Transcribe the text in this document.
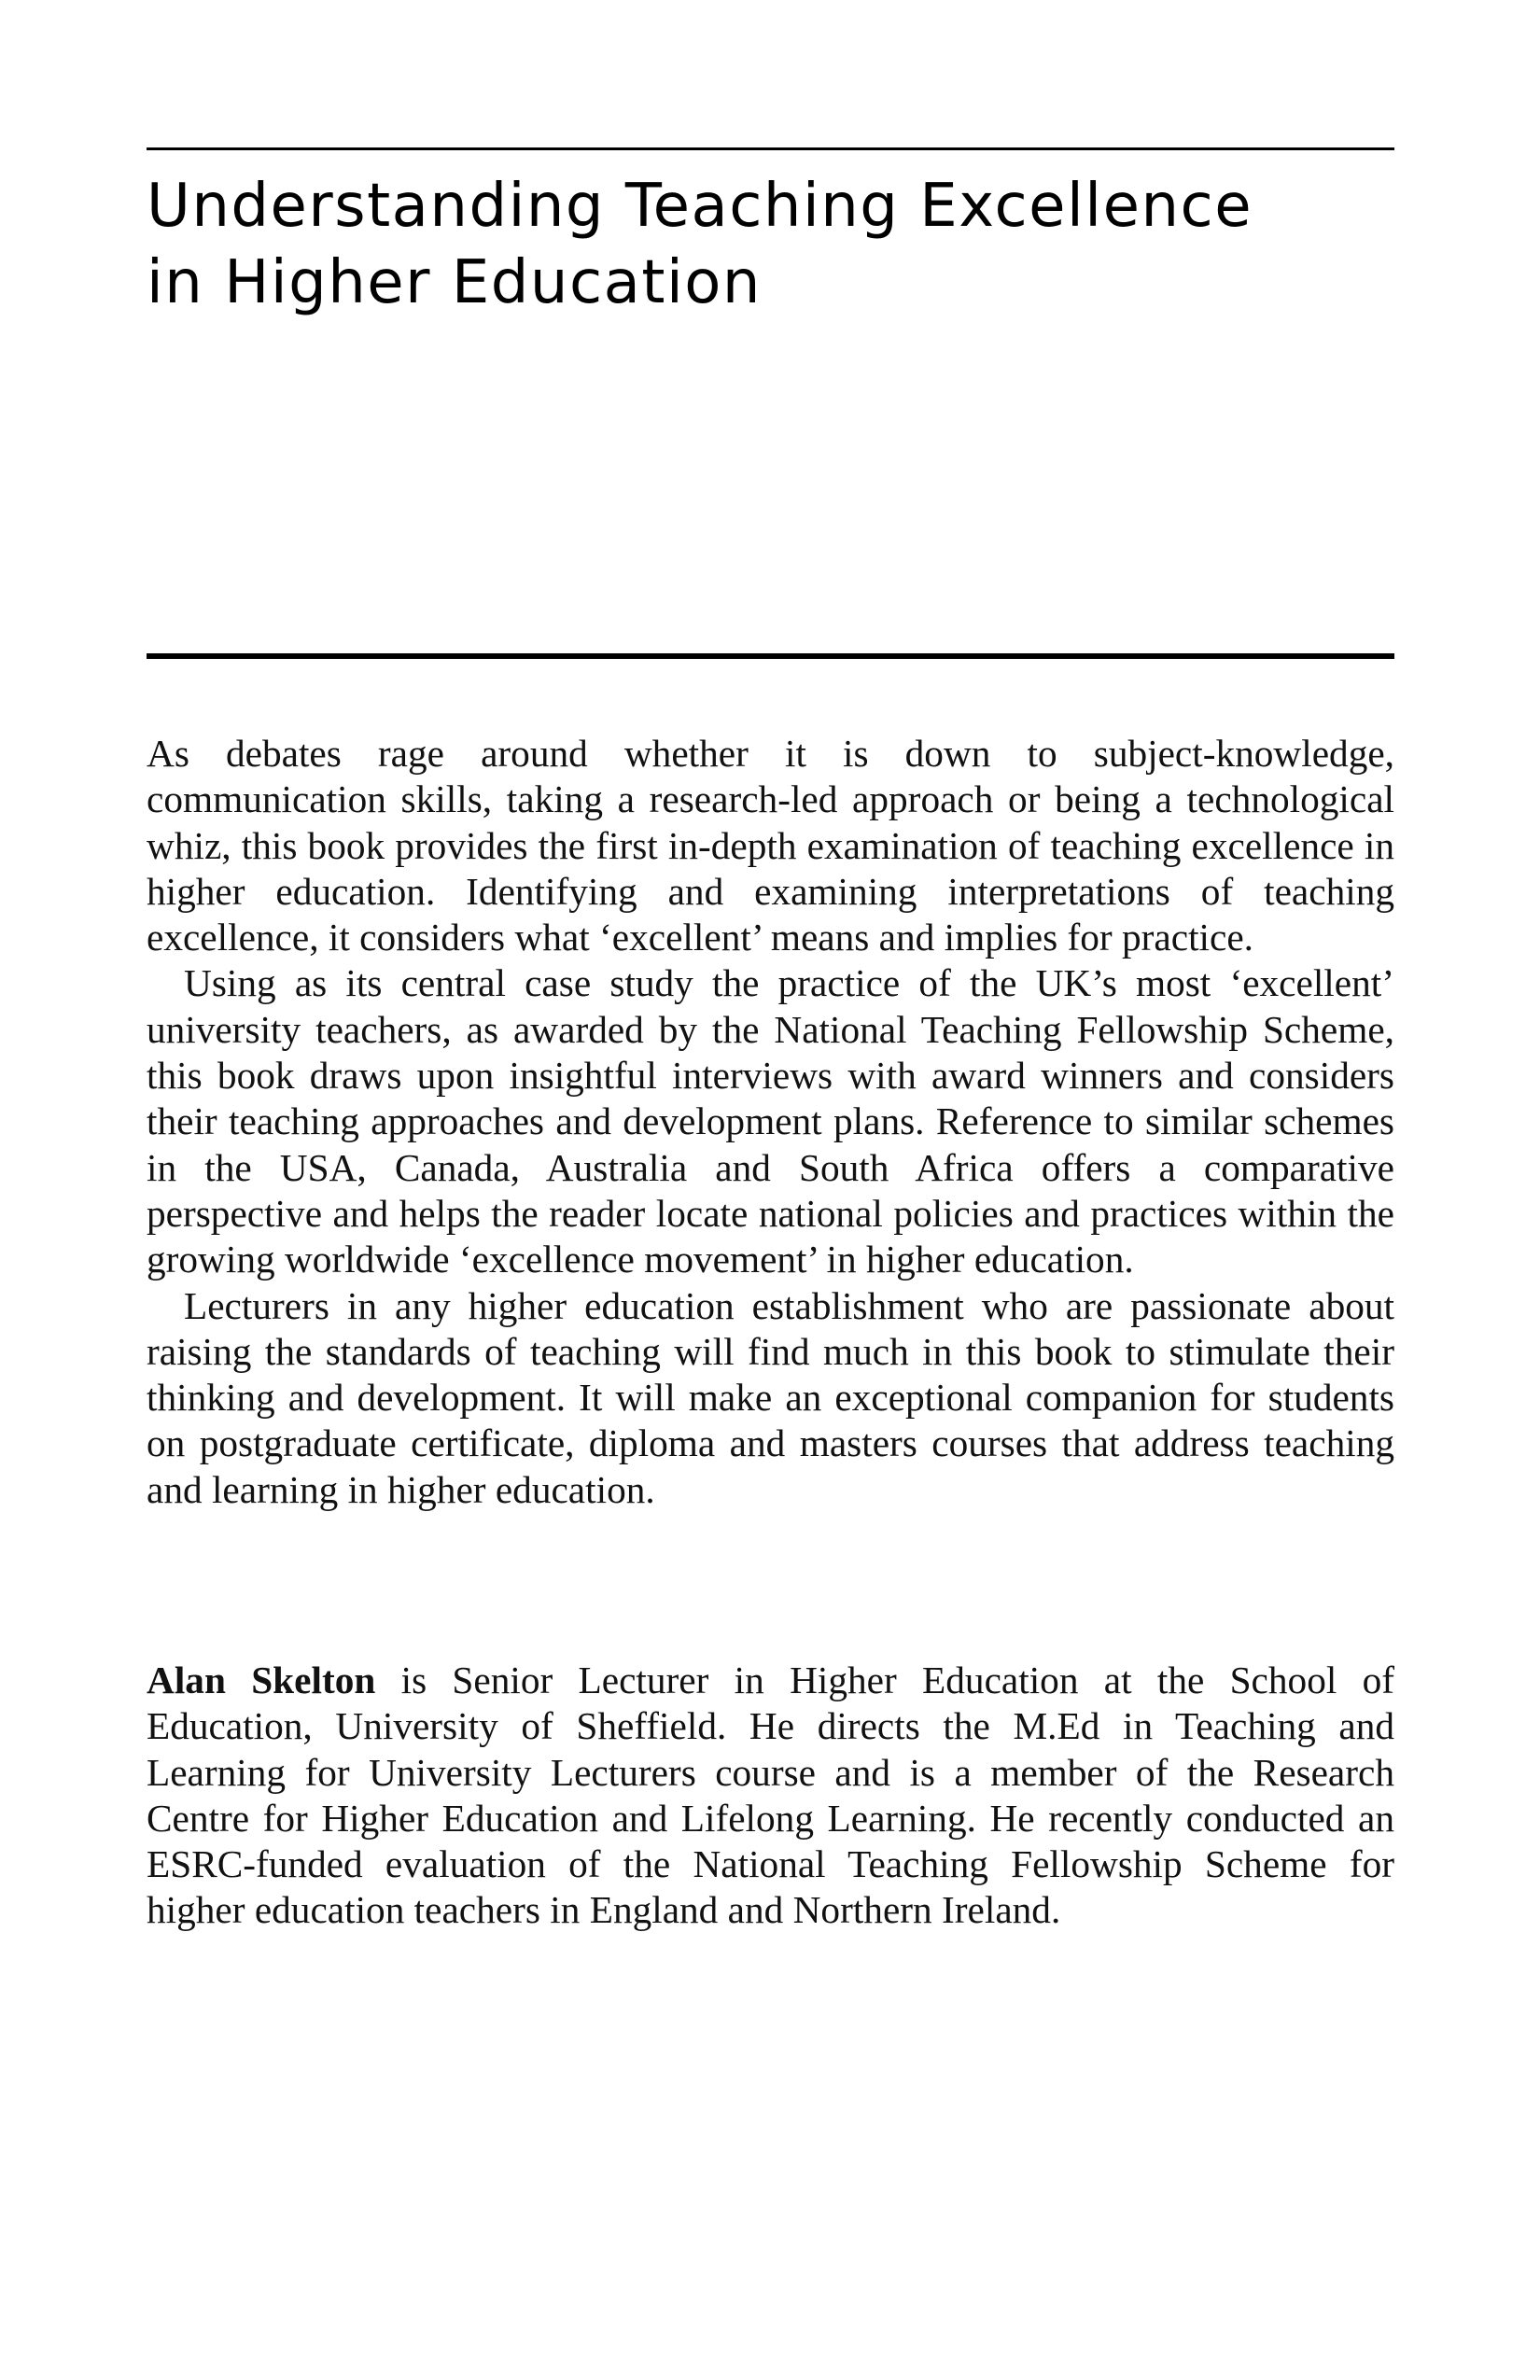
Understanding Teaching Excellence
in Higher Education

As debates rage around whether it is down to subject-knowledge, communication skills, taking a research-led approach or being a technological whiz, this book provides the first in-depth examination of teaching excellence in higher education. Identifying and examining interpretations of teaching excellence, it considers what ‘excellent’ means and implies for practice.

Using as its central case study the practice of the UK’s most ‘excellent’ university teachers, as awarded by the National Teaching Fellowship Scheme, this book draws upon insightful interviews with award winners and considers their teaching approaches and development plans. Reference to similar schemes in the USA, Canada, Australia and South Africa offers a comparative perspective and helps the reader locate national policies and practices within the growing worldwide ‘excellence movement’ in higher education.

Lecturers in any higher education establishment who are passionate about raising the standards of teaching will find much in this book to stimulate their thinking and development. It will make an exceptional companion for students on postgraduate certificate, diploma and masters courses that address teaching and learning in higher education.

Alan Skelton is Senior Lecturer in Higher Education at the School of Education, University of Sheffield. He directs the M.Ed in Teaching and Learning for University Lecturers course and is a member of the Research Centre for Higher Education and Lifelong Learning. He recently conducted an ESRC-funded evaluation of the National Teaching Fellowship Scheme for higher education teachers in England and Northern Ireland.
